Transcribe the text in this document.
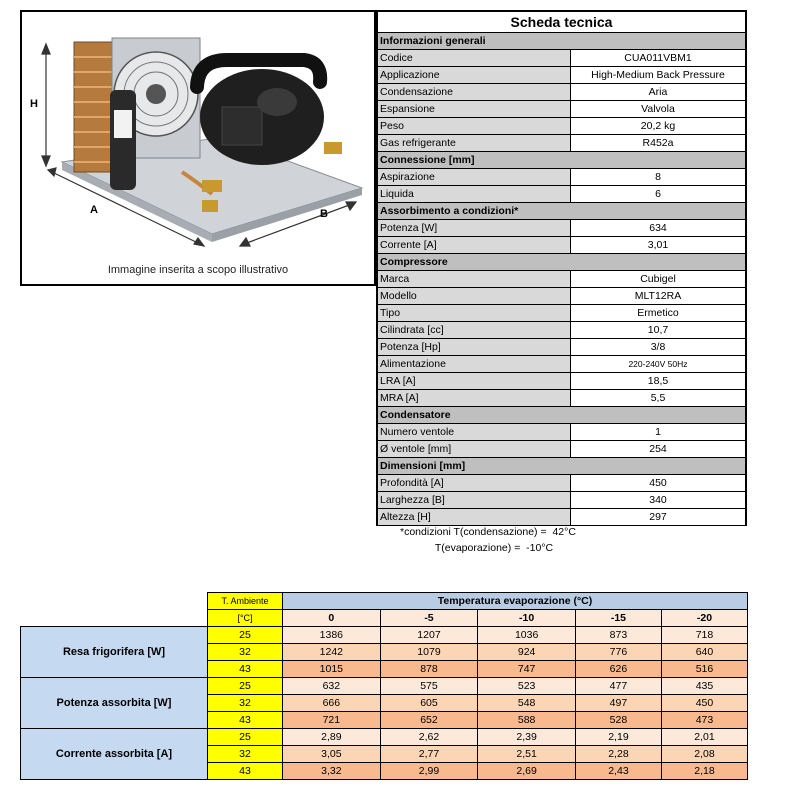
H
A	B
Immagine inserita a scopo illustrativo
Scheda tecnica
Informazioni generali
Codice	CUA011VBM1
Applicazione	High-Medium Back Pressure
Condensazione	Aria
Espansione	Valvola
Peso	20,2 kg
Gas refrigerante	R452a
Connessione [mm]
Aspirazione	8
Liquida	6
Assorbimento a condizioni*
Potenza [W]	634
Corrente [A]	3,01
Compressore
Marca	Cubigel
Modello	MLT12RA
Tipo	Ermetico
Cilindrata [cc]	10,7
Potenza [Hp]	3/8
Alimentazione	220-240V 50Hz
LRA [A]	18,5
MRA [A]	5,5
Condensatore
Numero ventole	1
Ø ventole [mm]	254
Dimensioni [mm]
Profondità [A]	450
Larghezza [B]	340
Altezza [H]	297
*condizioni T(condensazione) =  42°C
T(evaporazione) =  -10°C
	T. Ambiente	Temperatura evaporazione (°C)				
	[°C]	0	-5	-10	-15	-20
Resa frigorifera [W]	25	1386	1207	1036	873	718
	32	1242	1079	924	776	640
	43	1015	878	747	626	516
Potenza assorbita [W]	25	632	575	523	477	435
	32	666	605	548	497	450
	43	721	652	588	528	473
Corrente assorbita [A]	25	2,89	2,62	2,39	2,19	2,01
	32	3,05	2,77	2,51	2,28	2,08
	43	3,32	2,99	2,69	2,43	2,18
